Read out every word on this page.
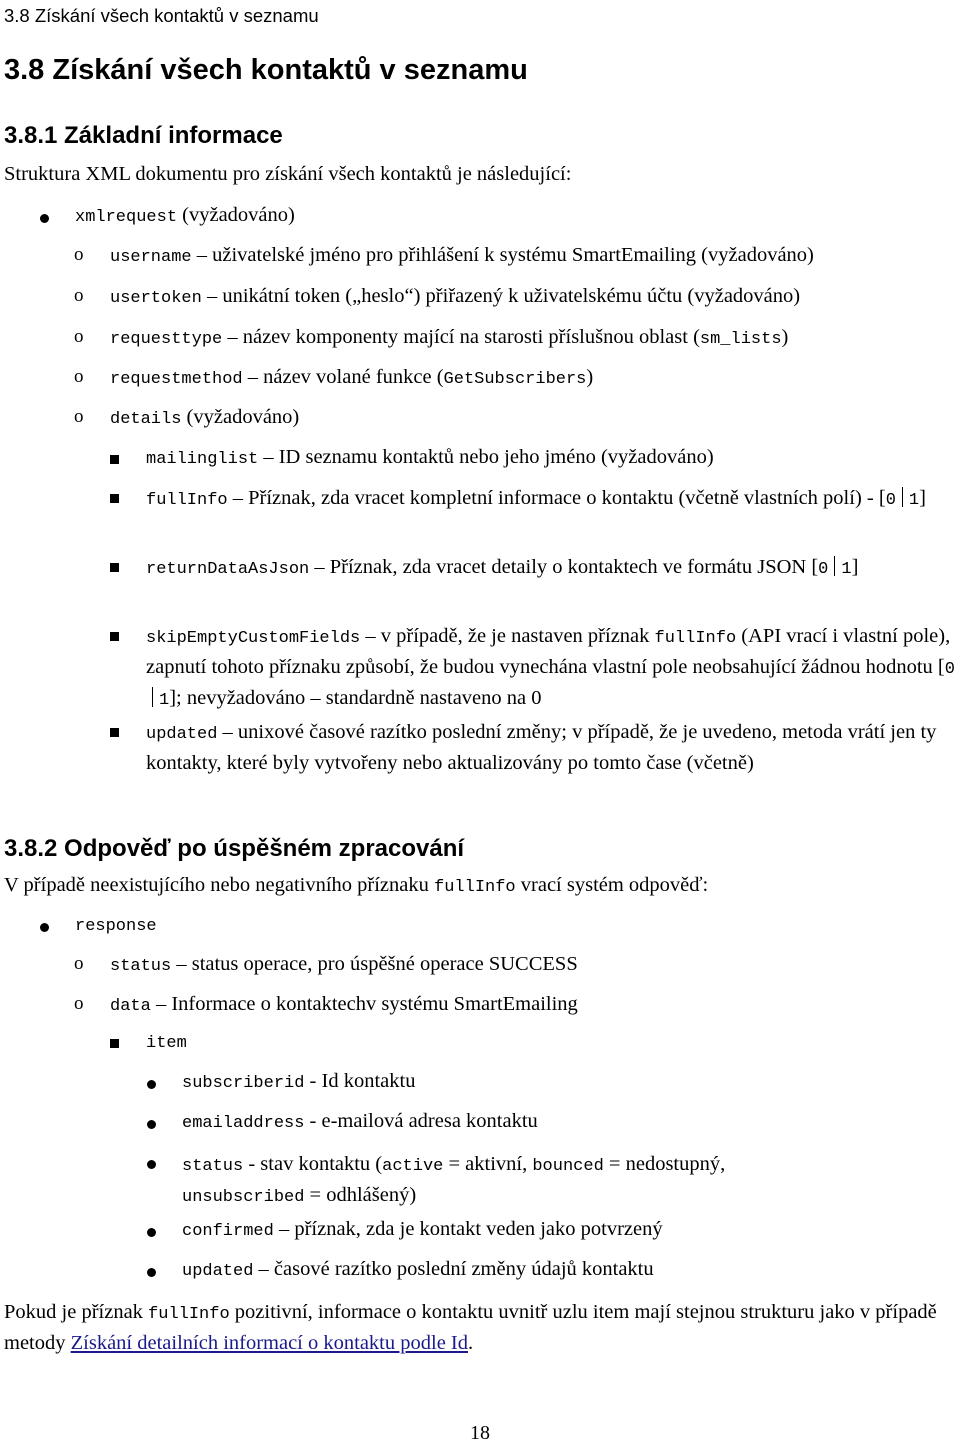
3.8 Získání všech kontaktů v seznamu
3.8 Získání všech kontaktů v seznamu
3.8.1 Základní informace
Struktura XML dokumentu pro získání všech kontaktů je následující:
xmlrequest (vyžadováno)
o username – uživatelské jméno pro přihlášení k systému SmartEmailing (vyžadováno)
o usertoken – unikátní token („heslo“) přiřazený k uživatelskému účtu (vyžadováno)
o requesttype – název komponenty mající na starosti příslušnou oblast (sm_lists)
o requestmethod – název volané funkce (GetSubscribers)
o details (vyžadováno)
mailinglist – ID seznamu kontaktů nebo jeho jméno (vyžadováno)
fullInfo – Příznak, zda vracet kompletní informace o kontaktu (včetně vlastních polí) - [0 1]
returnDataAsJson – Příznak, zda vracet detaily o kontaktech ve formátu JSON [0 1]
skipEmptyCustomFields – v případě, že je nastaven příznak fullInfo (API vrací i vlastní pole), zapnutí tohoto příznaku způsobí, že budou vynechána vlastní pole neobsahující žádnou hodnotu [01]; nevyžadováno – standardně nastaveno na 0
updated – unixové časové razítko poslední změny; v případě, že je uvedeno, metoda vrátí jen ty kontakty, které byly vytvořeny nebo aktualizovány po tomto čase (včetně)
3.8.2 Odpověď po úspěšném zpracování
V případě neexistujícího nebo negativního příznaku fullInfo vrací systém odpověď:
response
o status – status operace, pro úspěšné operace SUCCESS
o data – Informace o kontaktechv systému SmartEmailing
item
subscriberid - Id kontaktu
emailaddress - e-mailová adresa kontaktu
status - stav kontaktu (active = aktivní, bounced = nedostupný, unsubscribed = odhlášený)
confirmed – příznak, zda je kontakt veden jako potvrzený
updated – časové razítko poslední změny údajů kontaktu
Pokud je příznak fullInfo pozitivní, informace o kontaktu uvnitř uzlu item mají stejnou strukturu jako v případě metody Získání detailních informací o kontaktu podle Id.
18
